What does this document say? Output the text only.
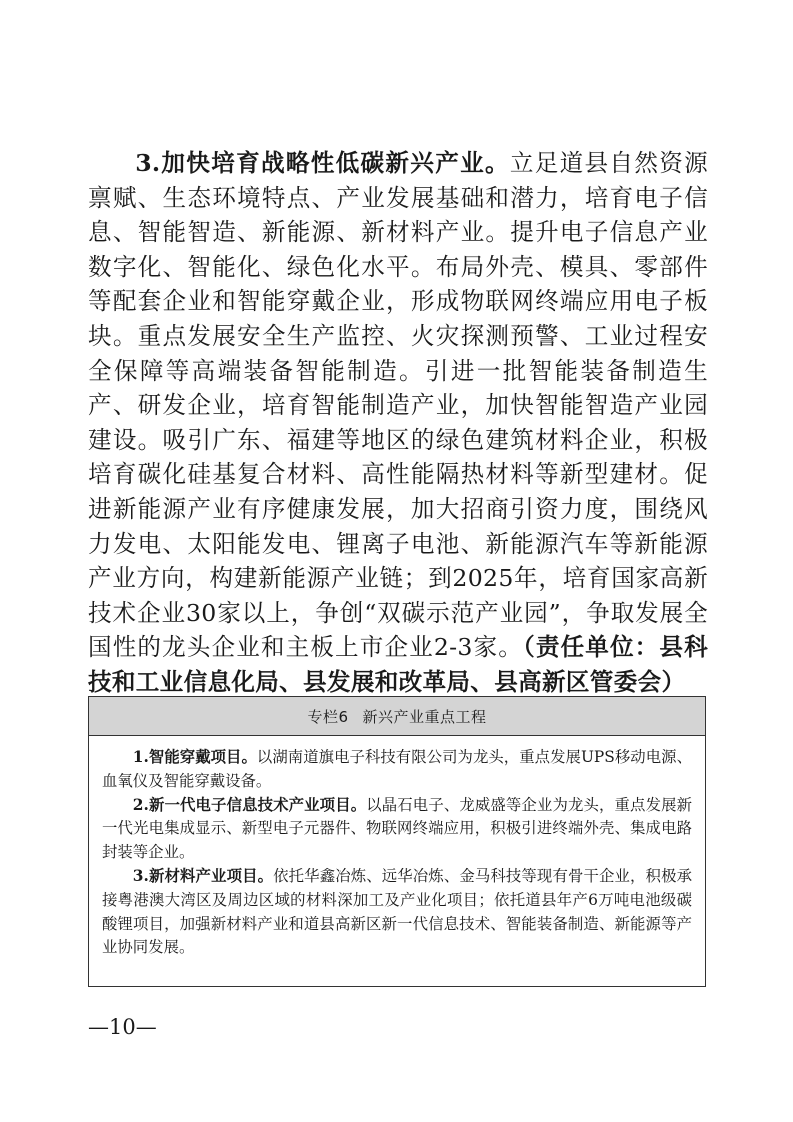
3.加快培育战略性低碳新兴产业。立足道县自然资源禀赋、生态环境特点、产业发展基础和潜力，培育电子信息、智能智造、新能源、新材料产业。提升电子信息产业数字化、智能化、绿色化水平。布局外壳、模具、零部件等配套企业和智能穿戴企业，形成物联网终端应用电子板块。重点发展安全生产监控、火灾探测预警、工业过程安全保障等高端装备智能制造。引进一批智能装备制造生产、研发企业，培育智能制造产业，加快智能智造产业园建设。吸引广东、福建等地区的绿色建筑材料企业，积极培育碳化硅基复合材料、高性能隔热材料等新型建材。促进新能源产业有序健康发展，加大招商引资力度，围绕风力发电、太阳能发电、锂离子电池、新能源汽车等新能源产业方向，构建新能源产业链；到2025年，培育国家高新技术企业30家以上，争创“双碳示范产业园”，争取发展全国性的龙头企业和主板上市企业2-3家。（责任单位：县科技和工业信息化局、县发展和改革局、县高新区管委会）

专栏6 新兴产业重点工程

1.智能穿戴项目。以湖南道旗电子科技有限公司为龙头，重点发展UPS移动电源、血氧仪及智能穿戴设备。

2.新一代电子信息技术产业项目。以晶石电子、龙威盛等企业为龙头，重点发展新一代光电集成显示、新型电子元器件、物联网终端应用，积极引进终端外壳、集成电路封装等企业。

3.新材料产业项目。依托华鑫冶炼、远华冶炼、金马科技等现有骨干企业，积极承接粤港澳大湾区及周边区域的材料深加工及产业化项目；依托道县年产6万吨电池级碳酸锂项目，加强新材料产业和道县高新区新一代信息技术、智能装备制造、新能源等产业协同发展。

—10—
